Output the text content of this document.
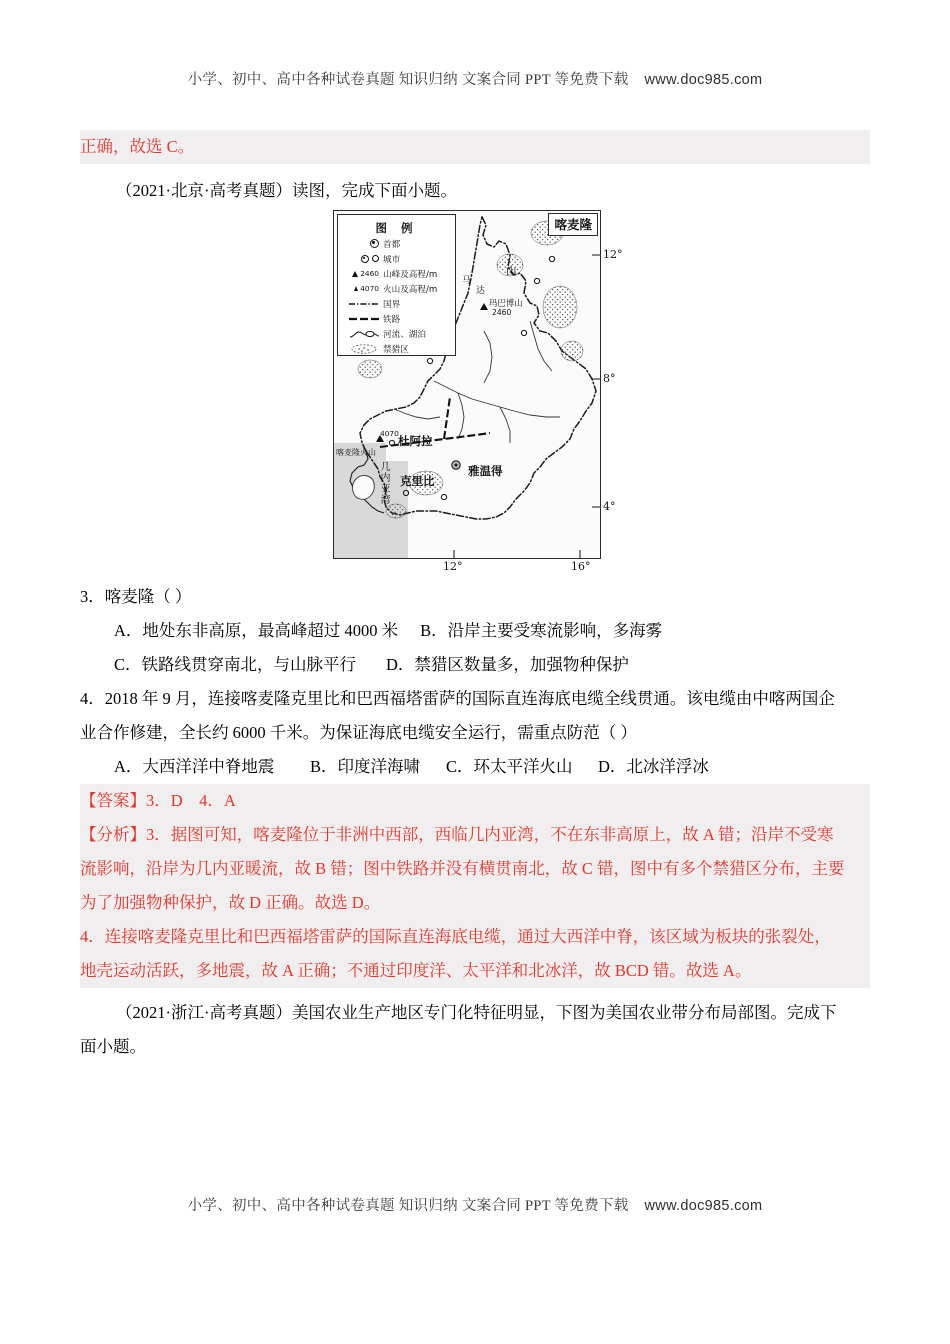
小学、初中、高中各种试卷真题 知识归纳 文案合同 PPT 等免费下载 www.doc985.com
正确，故选 C。
（2021·北京·高考真题）读图，完成下面小题。
3．喀麦隆（ ）
A．地处东非高原，最高峰超过 4000 米 B．沿岸主要受寒流影响，多海雾
C．铁路线贯穿南北，与山脉平行 D．禁猎区数量多，加强物种保护
4．2018 年 9 月，连接喀麦隆克里比和巴西福塔雷萨的国际直连海底电缆全线贯通。该电缆由中喀两国企
业合作修建，全长约 6000 千米。为保证海底电缆安全运行，需重点防范（ ）
A．大西洋洋中脊地震 B．印度洋海啸 C．环太平洋火山 D．北冰洋浮冰
【答案】3．D　4．A
【分析】3．据图可知，喀麦隆位于非洲中西部，西临几内亚湾，不在东非高原上，故 A 错；沿岸不受寒
流影响，沿岸为几内亚暖流，故 B 错；图中铁路并没有横贯南北，故 C 错，图中有多个禁猎区分布，主要
为了加强物种保护，故 D 正确。故选 D。
4．连接喀麦隆克里比和巴西福塔雷萨的国际直连海底电缆，通过大西洋中脊，该区域为板块的张裂处，
地壳运动活跃，多地震，故 A 正确；不通过印度洋、太平洋和北冰洋，故 BCD 错。故选 A。
（2021·浙江·高考真题）美国农业生产地区专门化特征明显，下图为美国农业带分布局部图。完成下
面小题。
图 例
首都
城市
2460 山峰及高程/m
4070 火山及高程/m
国界
铁路
河流、湖泊
禁猎区
山
马
达
玛巴博山
2460
杜阿拉
4070
喀麦隆火山
克里比
雅温得
几内亚湾
喀麦隆
12°
8°
4°
12°	16°
小学、初中、高中各种试卷真题 知识归纳 文案合同 PPT 等免费下载 www.doc985.com
